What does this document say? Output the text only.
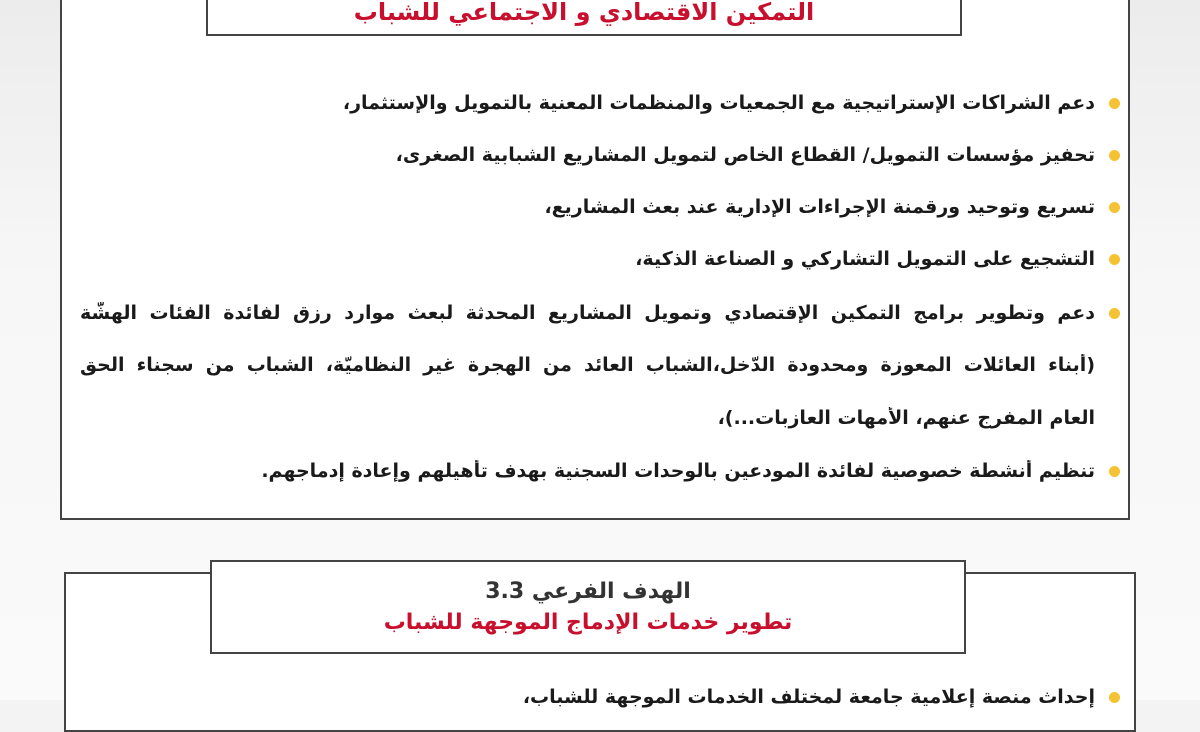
التمكين الاقتصادي و الاجتماعي للشباب
دعم الشراكات الإستراتيجية مع الجمعيات والمنظمات المعنية بالتمويل والإستثمار،
تحفيز مؤسسات التمويل/ القطاع الخاص لتمويل المشاريع الشبابية الصغرى،
تسريع وتوحيد ورقمنة الإجراءات الإدارية عند بعث المشاريع،
التشجيع على التمويل التشاركي و الصناعة الذكية،
دعم وتطوير برامج التمكين الإقتصادي وتمويل المشاريع المحدثة لبعث موارد رزق لفائدة الفئات الهشّة
(أبناء العائلات المعوزة ومحدودة الدّخل،الشباب العائد من الهجرة غير النظاميّة، الشباب من سجناء الحق
العام المفرج عنهم، الأمهات العازبات...)،
تنظيم أنشطة خصوصية لفائدة المودعين بالوحدات السجنية بهدف تأهيلهم وإعادة إدماجهم.
الهدف الفرعي 3.3
تطوير خدمات الإدماج الموجهة للشباب
إحداث منصة إعلامية جامعة لمختلف الخدمات الموجهة للشباب،
